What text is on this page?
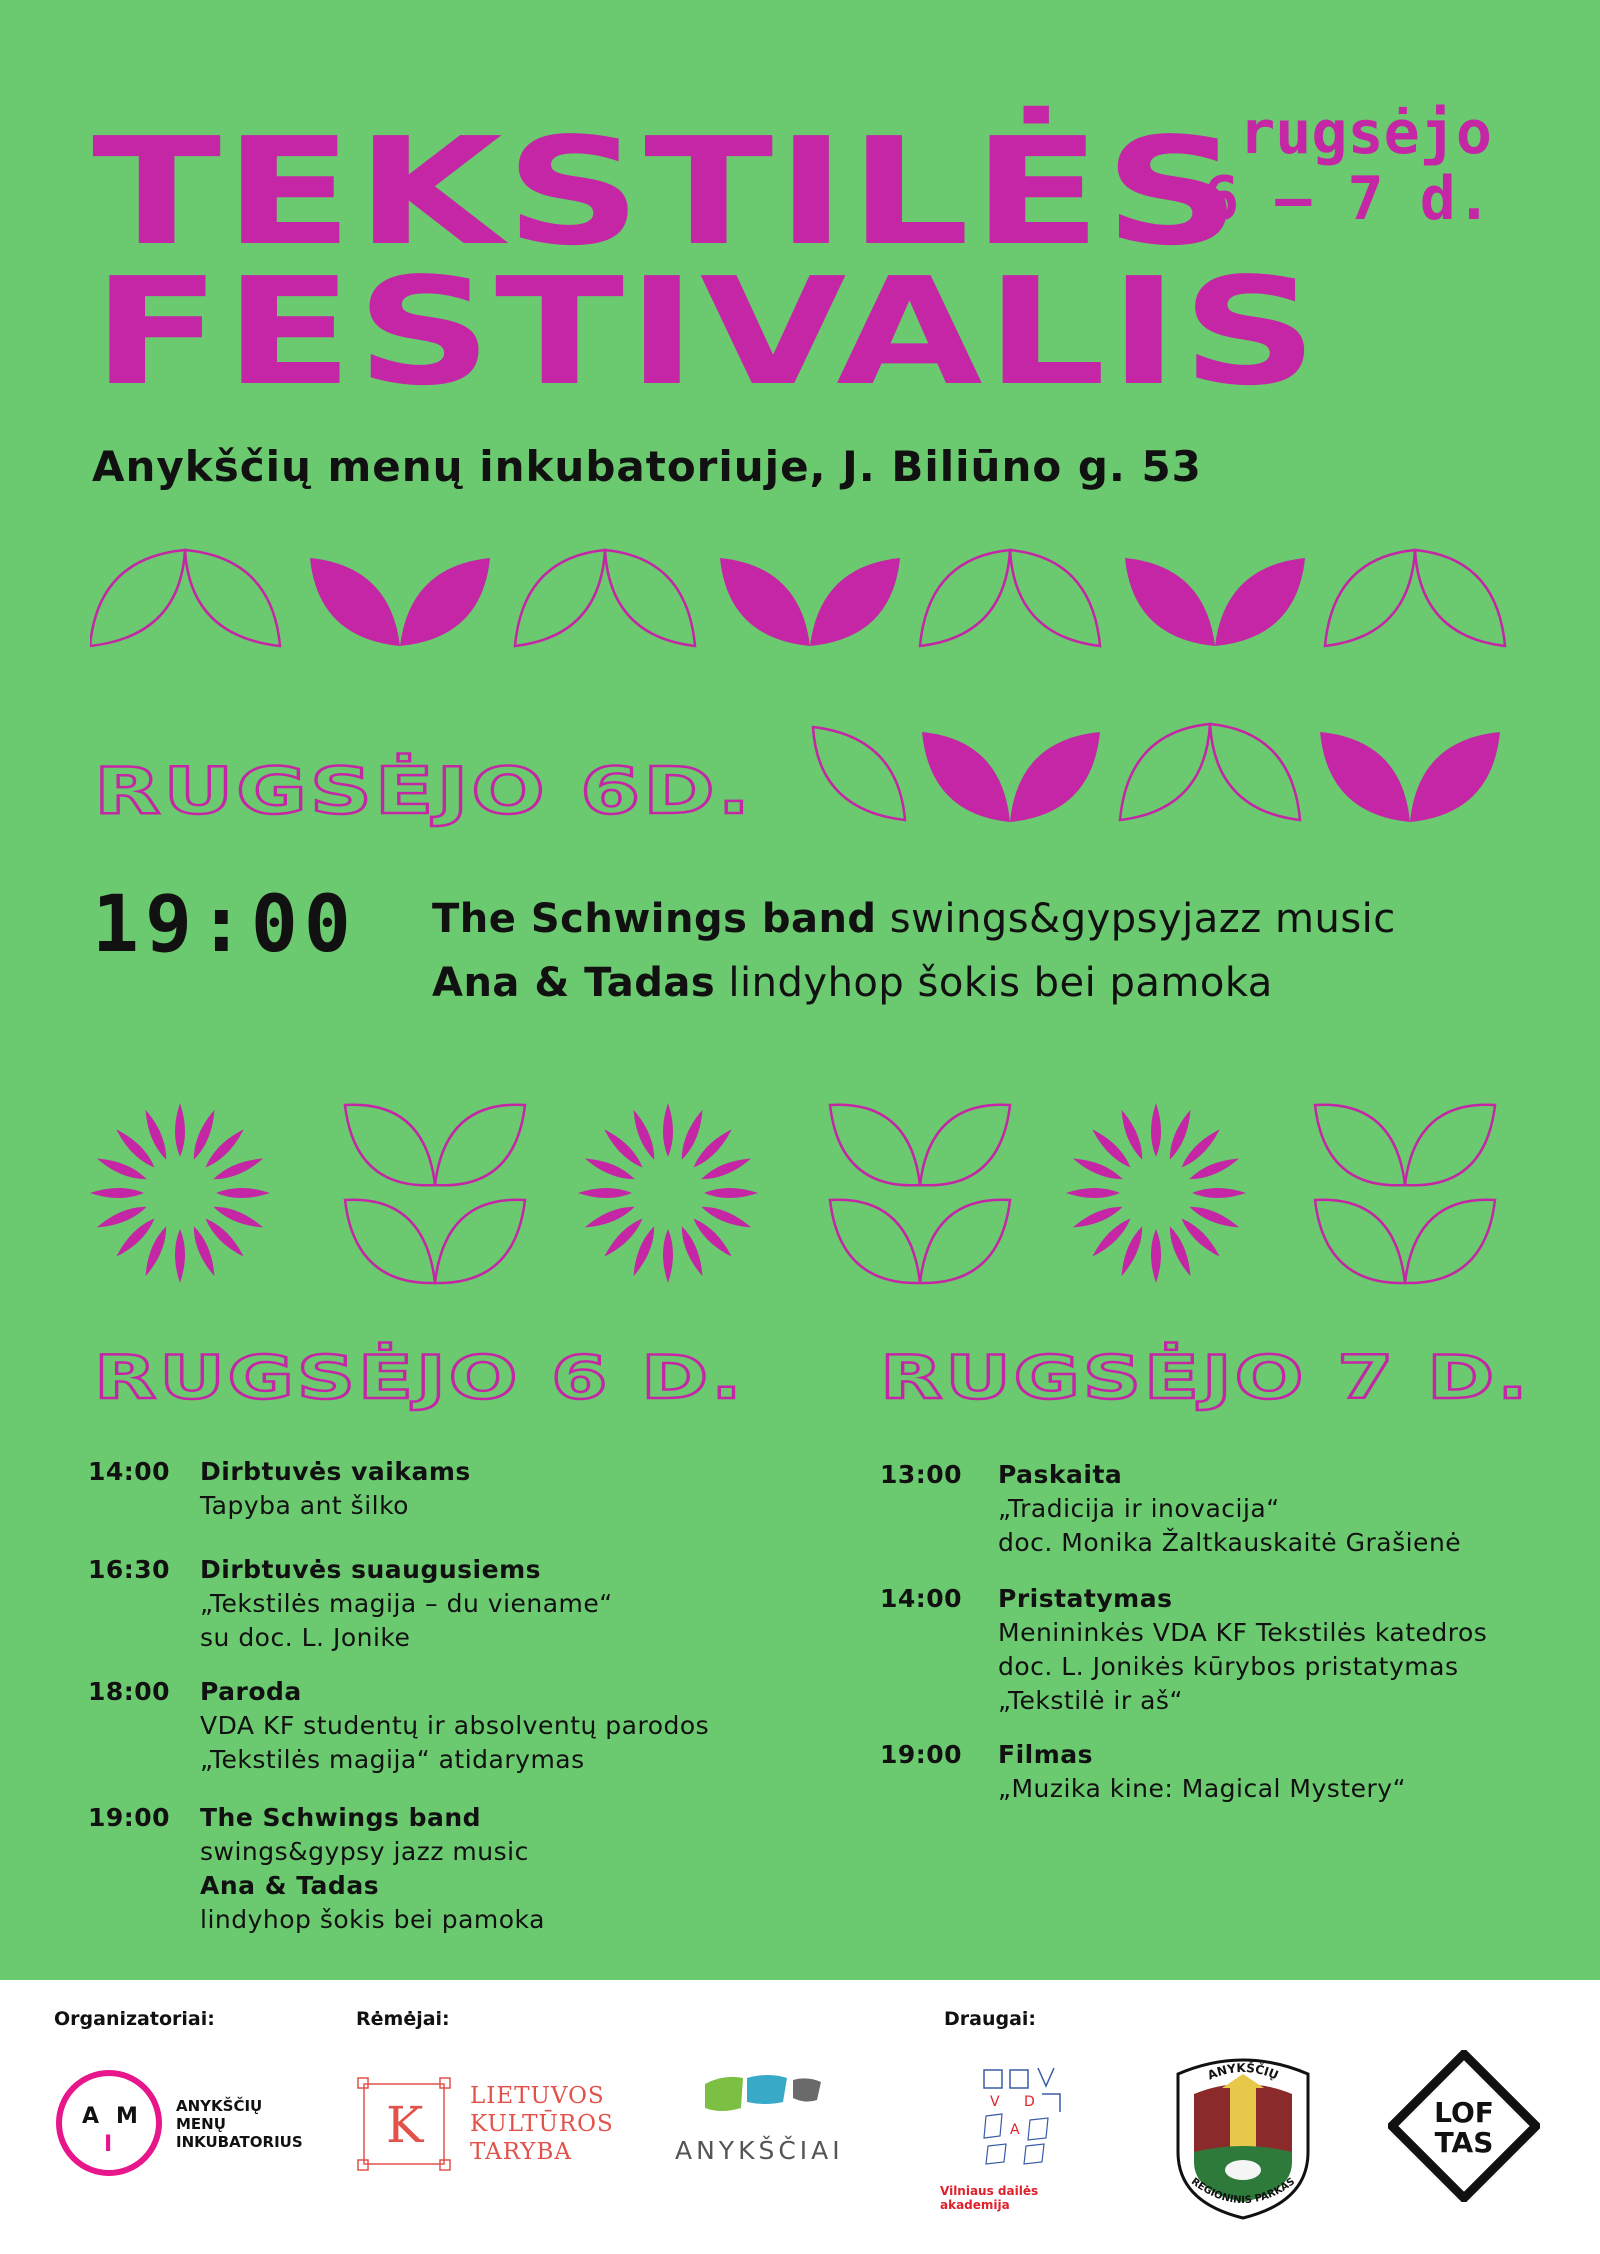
TEKSTILĖS
FESTIVALIS
rugsėjo
6 – 7 d.
Anykščių menų inkubatoriuje, J. Biliūno g. 53
RUGSĖJO 6D.
19:00 The Schwings band swings&gypsyjazz music
Ana & Tadas lindyhop šokis bei pamoka
RUGSĖJO 6 D. RUGSĖJO 7 D.
14:00 Dirbtuvės vaikams
Tapyba ant šilko
16:30 Dirbtuvės suaugusiems
„Tekstilės magija – du viename“
su doc. L. Jonike
18:00 Paroda
VDA KF studentų ir absolventų parodos
„Tekstilės magija“ atidarymas
19:00 The Schwings band
swings&gypsy jazz music
Ana & Tadas
lindyhop šokis bei pamoka
13:00 Paskaita
„Tradicija ir inovacija“
doc. Monika Žaltkauskaitė Grašienė
14:00 Pristatymas
Menininkės VDA KF Tekstilės katedros
doc. L. Jonikės kūrybos pristatymas
„Tekstilė ir aš“
19:00 Filmas
„Muzika kine: Magical Mystery“
Organizatoriai:	Rėmėjai:	Draugai:
A M
I
ANYKŠČIŲ
MENŲ
INKUBATORIUS K LIETUVOS
KULTŪROS
TARYBA	ANYKŠČIAI
V D
A
Vilniaus dailės akademija
ANYKŠČIŲ
REGIONINIS PARKAS
LOF
TAS
